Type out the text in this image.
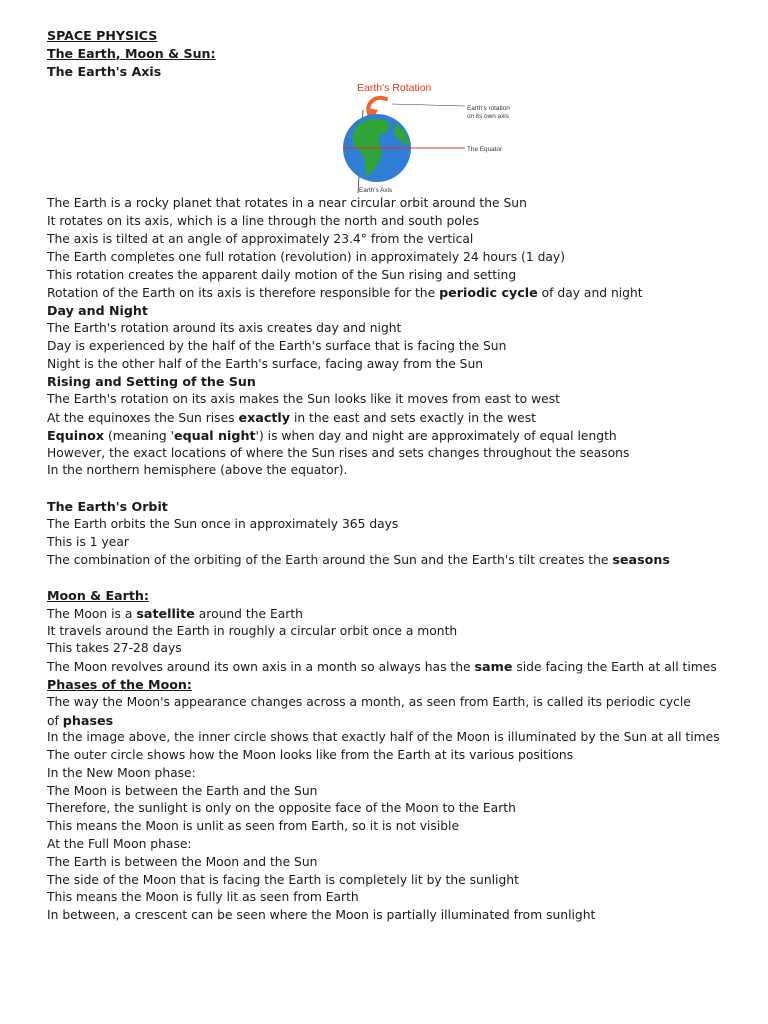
SPACE PHYSICS
The Earth, Moon & Sun:
The Earth's Axis
Earth's Rotation
Earth's rotation
on its own axis
The Equator
Earth's Axis
The Earth is a rocky planet that rotates in a near circular orbit around the Sun
It rotates on its axis, which is a line through the north and south poles
The axis is tilted at an angle of approximately 23.4° from the vertical
The Earth completes one full rotation (revolution) in approximately 24 hours (1 day)
This rotation creates the apparent daily motion of the Sun rising and setting
Rotation of the Earth on its axis is therefore responsible for the periodic cycle of day and night
Day and Night
The Earth's rotation around its axis creates day and night
Day is experienced by the half of the Earth's surface that is facing the Sun
Night is the other half of the Earth's surface, facing away from the Sun
Rising and Setting of the Sun
The Earth's rotation on its axis makes the Sun looks like it moves from east to west
At the equinoxes the Sun rises exactly in the east and sets exactly in the west
Equinox (meaning 'equal night') is when day and night are approximately of equal length
However, the exact locations of where the Sun rises and sets changes throughout the seasons
In the northern hemisphere (above the equator).
The Earth's Orbit
The Earth orbits the Sun once in approximately 365 days
This is 1 year
The combination of the orbiting of the Earth around the Sun and the Earth's tilt creates the seasons
Moon & Earth:
The Moon is a satellite around the Earth
It travels around the Earth in roughly a circular orbit once a month
This takes 27-28 days
The Moon revolves around its own axis in a month so always has the same side facing the Earth at all times
Phases of the Moon:
The way the Moon's appearance changes across a month, as seen from Earth, is called its periodic cycle
of phases
In the image above, the inner circle shows that exactly half of the Moon is illuminated by the Sun at all times
The outer circle shows how the Moon looks like from the Earth at its various positions
In the New Moon phase:
The Moon is between the Earth and the Sun
Therefore, the sunlight is only on the opposite face of the Moon to the Earth
This means the Moon is unlit as seen from Earth, so it is not visible
At the Full Moon phase:
The Earth is between the Moon and the Sun
The side of the Moon that is facing the Earth is completely lit by the sunlight
This means the Moon is fully lit as seen from Earth
In between, a crescent can be seen where the Moon is partially illuminated from sunlight
